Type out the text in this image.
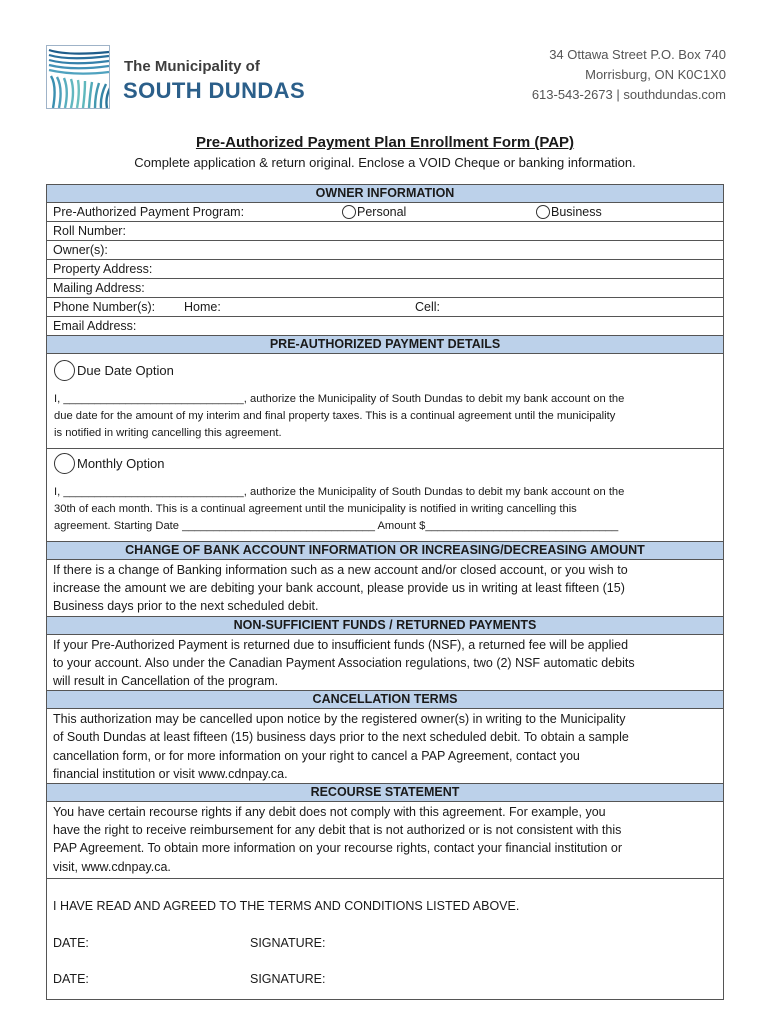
The Municipality of
SOUTH DUNDAS
34 Ottawa Street P.O. Box 740
Morrisburg, ON K0C1X0
613-543-2673 | southdundas.com
Pre-Authorized Payment Plan Enrollment Form (PAP)
Complete application & return original. Enclose a VOID Cheque or banking information.
OWNER INFORMATION
Pre-Authorized Payment Program:	Personal	Business
Roll Number:
Owner(s):
Property Address:
Mailing Address:
Phone Number(s): Home:	Cell:
Email Address:
PRE-AUTHORIZED PAYMENT DETAILS
Due Date Option
I, _____________________________, authorize the Municipality of South Dundas to debit my bank account on the
due date for the amount of my interim and final property taxes. This is a continual agreement until the municipality
is notified in writing cancelling this agreement.
Monthly Option
I, _____________________________, authorize the Municipality of South Dundas to debit my bank account on the
30th of each month. This is a continual agreement until the municipality is notified in writing cancelling this
agreement. Starting Date _______________________________ Amount $_______________________________
CHANGE OF BANK ACCOUNT INFORMATION OR INCREASING/DECREASING AMOUNT
If there is a change of Banking information such as a new account and/or closed account, or you wish to
increase the amount we are debiting your bank account, please provide us in writing at least fifteen (15)
Business days prior to the next scheduled debit.
NON-SUFFICIENT FUNDS / RETURNED PAYMENTS
If your Pre-Authorized Payment is returned due to insufficient funds (NSF), a returned fee will be applied
to your account. Also under the Canadian Payment Association regulations, two (2) NSF automatic debits
will result in Cancellation of the program.
CANCELLATION TERMS
This authorization may be cancelled upon notice by the registered owner(s) in writing to the Municipality
of South Dundas at least fifteen (15) business days prior to the next scheduled debit. To obtain a sample
cancellation form, or for more information on your right to cancel a PAP Agreement, contact you
financial institution or visit www.cdnpay.ca.
RECOURSE STATEMENT
You have certain recourse rights if any debit does not comply with this agreement. For example, you
have the right to receive reimbursement for any debit that is not authorized or is not consistent with this
PAP Agreement. To obtain more information on your recourse rights, contact your financial institution or
visit, www.cdnpay.ca.
I HAVE READ AND AGREED TO THE TERMS AND CONDITIONS LISTED ABOVE.
DATE:	SIGNATURE:
DATE:	SIGNATURE:
